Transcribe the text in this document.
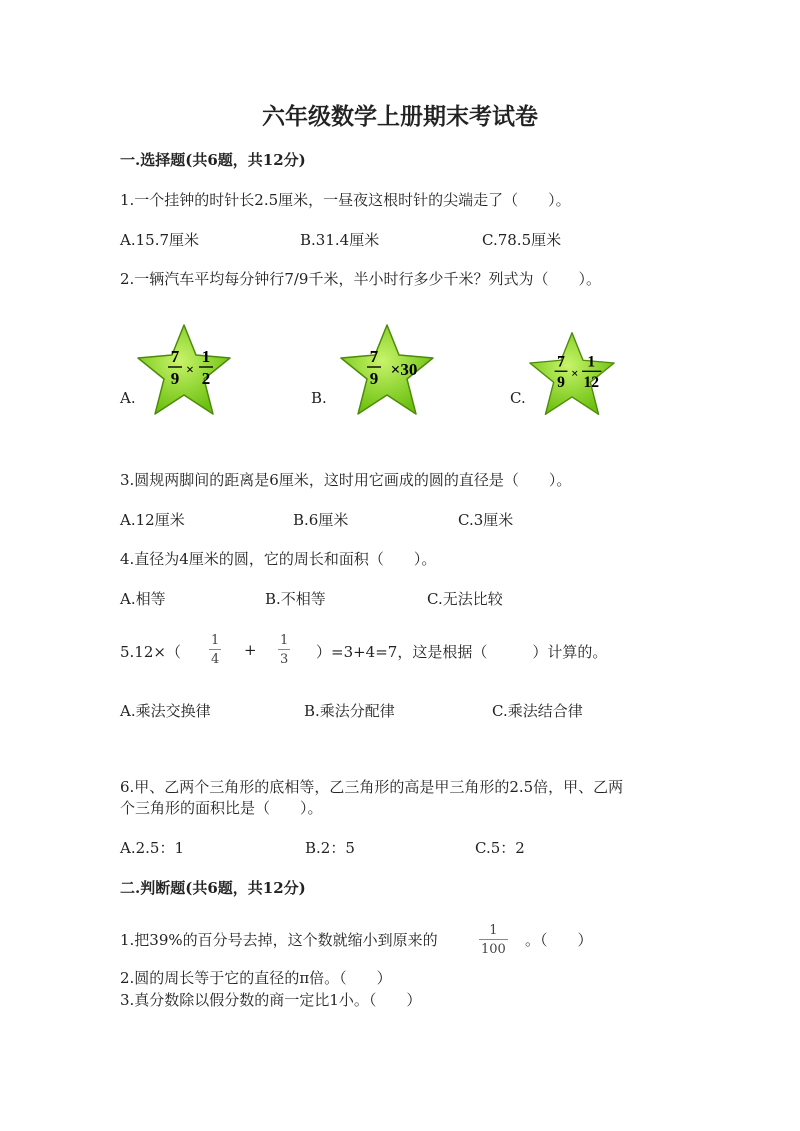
六年级数学上册期末考试卷
一.选择题(共6题，共12分)
1.一个挂钟的时针长2.5厘米，一昼夜这根时针的尖端走了（　　）。
A.15.7厘米	B.31.4厘米	C.78.5厘米
2.一辆汽车平均每分钟行7/9千米，半小时行多少千米？列式为（　　）。
A.	B.	C.
7
9 ×
1
2
7
9 ×30	7
9
×
1
12
3.圆规两脚间的距离是6厘米，这时用它画成的圆的直径是（　　）。
A.12厘米	B.6厘米	C.3厘米
4.直径为4厘米的圆，它的周长和面积（　　）。
A.相等	B.不相等	C.无法比较
5.12×（
1
4
+
1
3 ）=3+4=7，这是根据（　　　）计算的。
A.乘法交换律	B.乘法分配律	C.乘法结合律
6.甲、乙两个三角形的底相等，乙三角形的高是甲三角形的2.5倍，甲、乙两
个三角形的面积比是（　　）。
A.2.5：1	B.2：5	C.5：2
二.判断题(共6题，共12分)
1.把39%的百分号去掉，这个数就缩小到原来的
1
100
。（　　）
2.圆的周长等于它的直径的π倍。（　　）
3.真分数除以假分数的商一定比1小。（　　）
